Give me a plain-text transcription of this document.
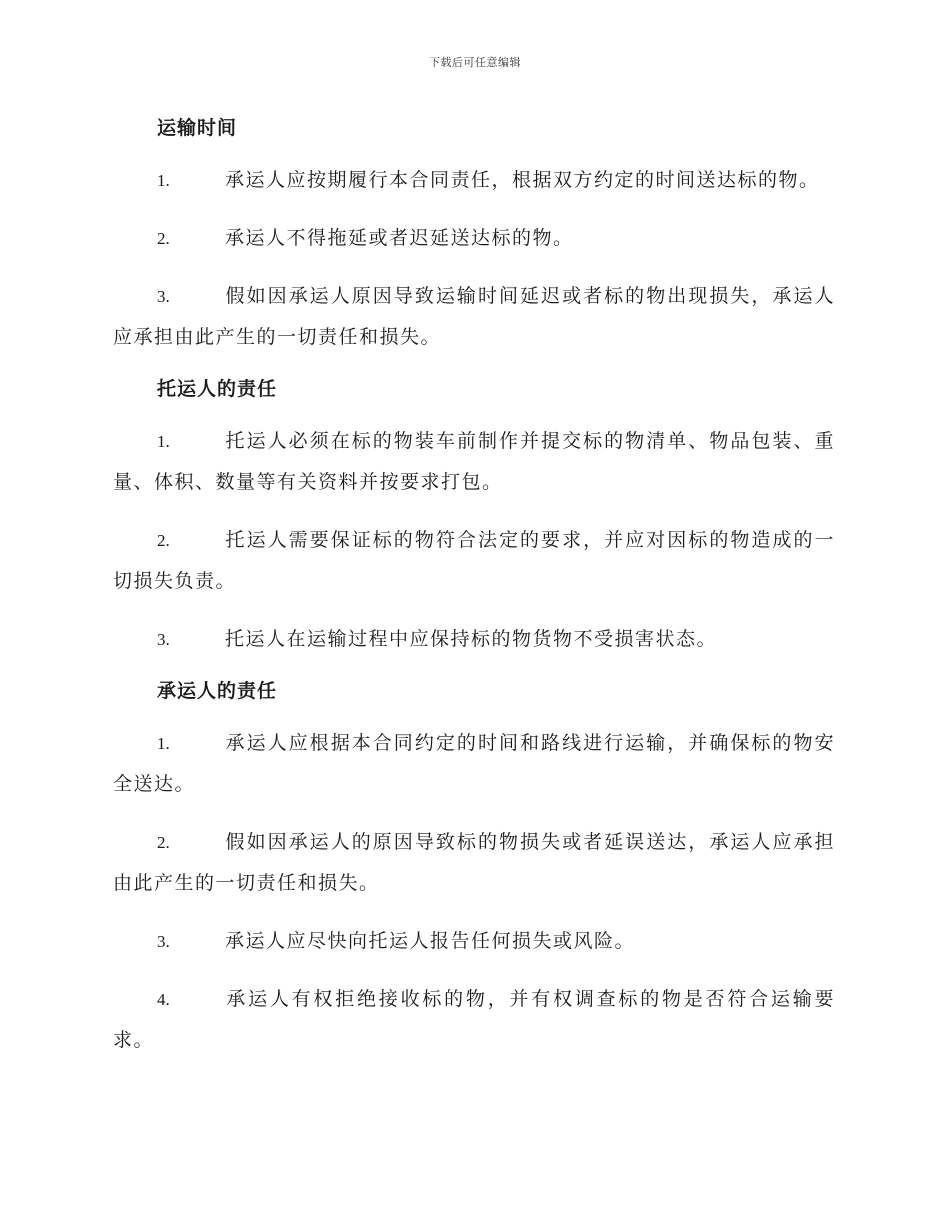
下载后可任意编辑
运输时间

1.	承运人应按期履行本合同责任，根据双方约定的时间送达标的物。

2.	承运人不得拖延或者迟延送达标的物。

3.	假如因承运人原因导致运输时间延迟或者标的物出现损失，承运人应承担由此产生的一切责任和损失。

托运人的责任

1.	托运人必须在标的物装车前制作并提交标的物清单、物品包装、重量、体积、数量等有关资料并按要求打包。

2.	托运人需要保证标的物符合法定的要求，并应对因标的物造成的一切损失负责。

3.	托运人在运输过程中应保持标的物货物不受损害状态。

承运人的责任

1.	承运人应根据本合同约定的时间和路线进行运输，并确保标的物安全送达。

2.	假如因承运人的原因导致标的物损失或者延误送达，承运人应承担由此产生的一切责任和损失。

3.	承运人应尽快向托运人报告任何损失或风险。

4.	承运人有权拒绝接收标的物，并有权调查标的物是否符合运输要求。
